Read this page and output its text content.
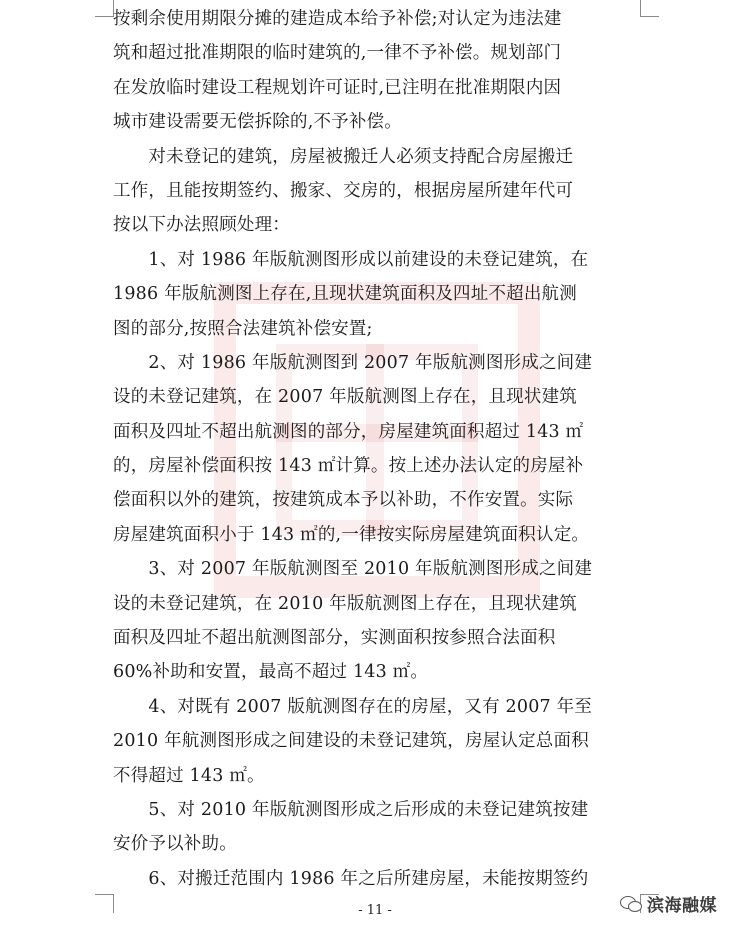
按剩余使用期限分摊的建造成本给予补偿;对认定为违法建
筑和超过批准期限的临时建筑的,一律不予补偿。规划部门
在发放临时建设工程规划许可证时,已注明在批准期限内因
城市建设需要无偿拆除的,不予补偿。
　　对未登记的建筑，房屋被搬迁人必须支持配合房屋搬迁
工作，且能按期签约、搬家、交房的，根据房屋所建年代可
按以下办法照顾处理：
　　1、对 1986 年版航测图形成以前建设的未登记建筑，在
1986 年版航测图上存在,且现状建筑面积及四址不超出航测
图的部分,按照合法建筑补偿安置;
　　2、对 1986 年版航测图到 2007 年版航测图形成之间建
设的未登记建筑，在 2007 年版航测图上存在，且现状建筑
面积及四址不超出航测图的部分，房屋建筑面积超过 143 ㎡
的，房屋补偿面积按 143 ㎡计算。按上述办法认定的房屋补
偿面积以外的建筑，按建筑成本予以补助，不作安置。实际
房屋建筑面积小于 143 ㎡的,一律按实际房屋建筑面积认定。
　　3、对 2007 年版航测图至 2010 年版航测图形成之间建
设的未登记建筑，在 2010 年版航测图上存在，且现状建筑
面积及四址不超出航测图部分，实测面积按参照合法面积
60%补助和安置，最高不超过 143 ㎡。
　　4、对既有 2007 版航测图存在的房屋，又有 2007 年至
2010 年航测图形成之间建设的未登记建筑，房屋认定总面积
不得超过 143 ㎡。
　　5、对 2010 年版航测图形成之后形成的未登记建筑按建
安价予以补助。
　　6、对搬迁范围内 1986 年之后所建房屋，未能按期签约
- 11 -	滨海融媒
